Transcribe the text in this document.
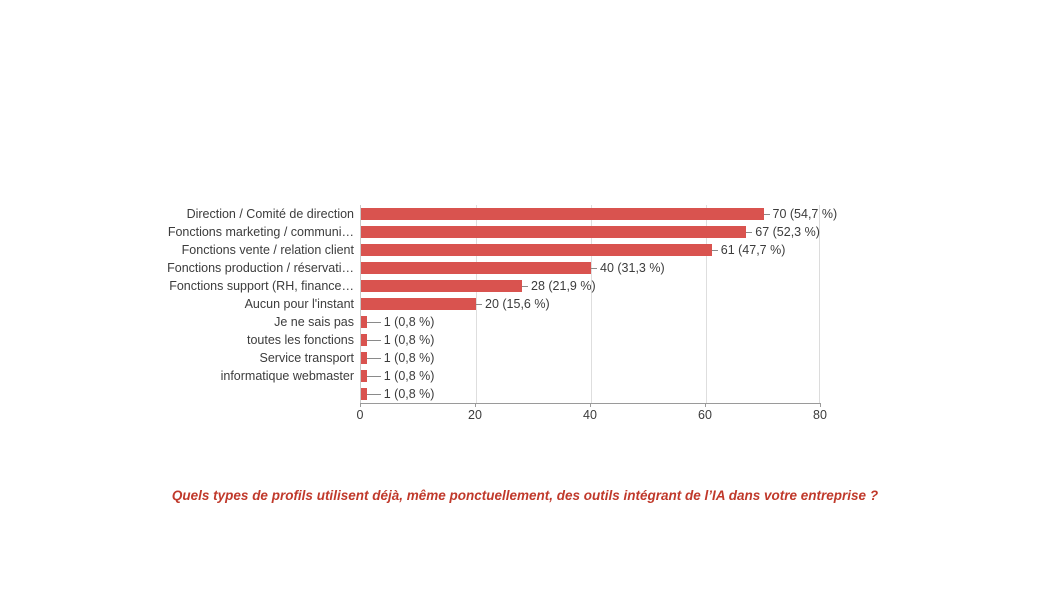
Direction / Comité de direction
Fonctions marketing / communi…
Fonctions vente / relation client
Fonctions production / réservati…
Fonctions support (RH, finance…
Aucun pour l'instant
Je ne sais pas
toutes les fonctions
Service transport
informatique webmaster
70 (54,7 %)
67 (52,3 %)
61 (47,7 %)
40 (31,3 %)
28 (21,9 %)
20 (15,6 %)
1 (0,8 %)
1 (0,8 %)
1 (0,8 %)
1 (0,8 %)
1 (0,8 %)
0	20	40	60	80
Quels types de profils utilisent déjà, même ponctuellement, des outils intégrant de l’IA dans votre entreprise ?
